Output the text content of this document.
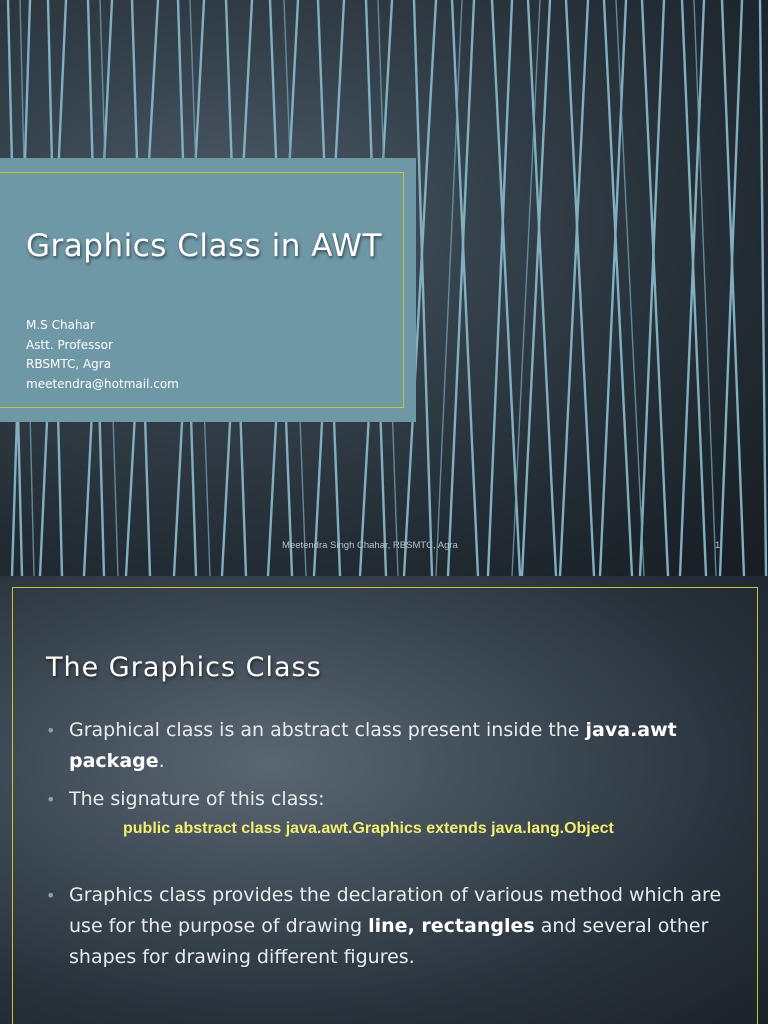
Graphics Class in AWT
M.S Chahar
Astt. Professor
RBSMTC, Agra
meetendra@hotmail.com
Meetendra Singh Chahar, RBSMTC, Agra	1
The Graphics Class
• Graphical class is an abstract class present inside the java.awt package.
• The signature of this class:
public abstract class java.awt.Graphics extends java.lang.Object
• Graphics class provides the declaration of various method which are use for the purpose of drawing line, rectangles and several other shapes for drawing different figures.
